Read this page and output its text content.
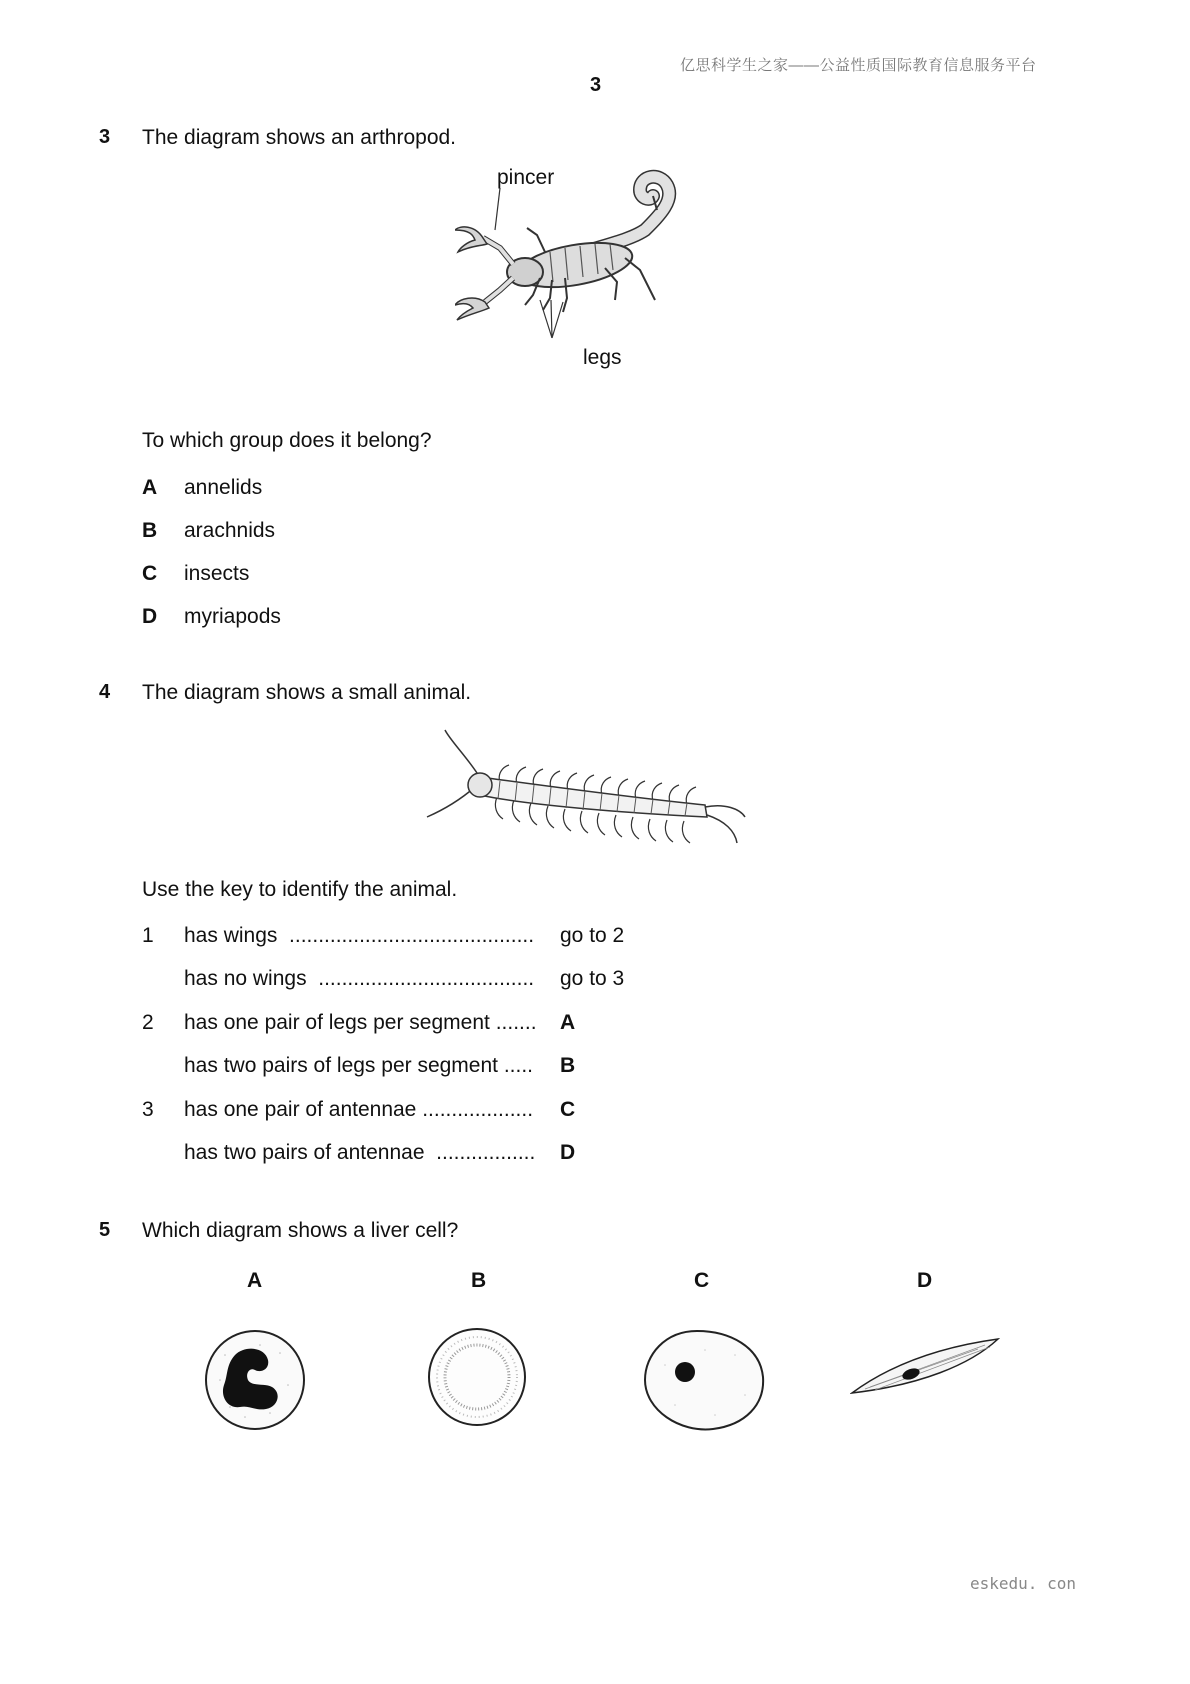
亿思科学生之家——公益性质国际教育信息服务平台
3
3 The diagram shows an arthropod.
pincer
legs
To which group does it belong?
A annelids
B arachnids
C insects
D myriapods
4 The diagram shows a small animal.
Use the key to identify the animal.
1 has wings  .......................................... go to 2
has no wings  ..................................... go to 3
2 has one pair of legs per segment ....... A
has two pairs of legs per segment ..... B
3 has one pair of antennae ................... C
has two pairs of antennae  ................. D
5 Which diagram shows a liver cell?
A	B	C	D
eskedu. con
